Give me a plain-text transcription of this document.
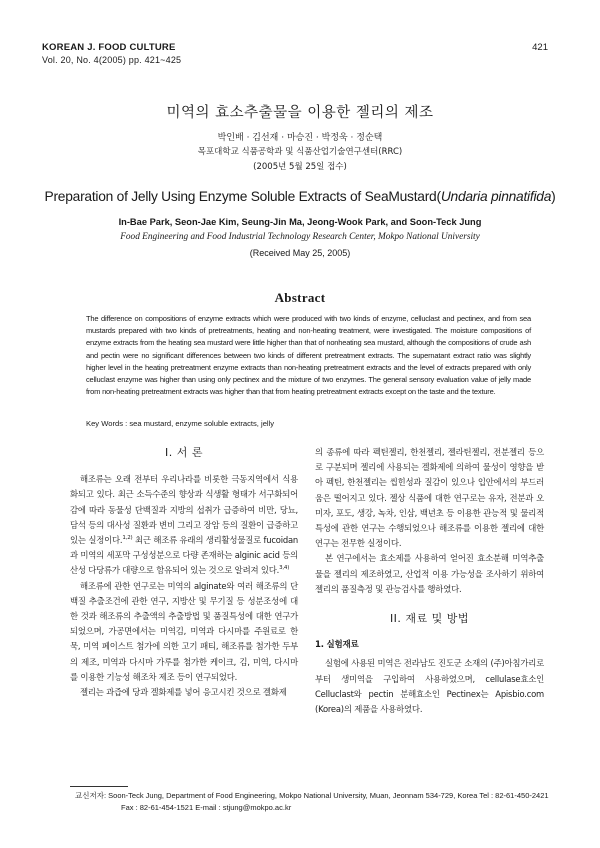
KOREAN J. FOOD CULTURE
Vol. 20, No. 4(2005) pp. 421~425
421
미역의 효소추출물을 이용한 젤리의 제조
박인배 · 김선재 · 마승진 · 박정욱 · 정순택
목포대학교 식품공학과 및 식품산업기술연구센터(RRC)
(2005년 5월 25일 접수)
Preparation of Jelly Using Enzyme Soluble Extracts of SeaMustard(Undaria pinnatifida)
In-Bae Park, Seon-Jae Kim, Seung-Jin Ma, Jeong-Wook Park, and Soon-Teck Jung
Food Engineering and Food Industrial Technology Research Center, Mokpo National University
(Received May 25, 2005)
Abstract
The difference on compositions of enzyme extracts which were produced with two kinds of enzyme, celluclast and pectinex, and from sea mustards prepared with two kinds of pretreatments, heating and non-heating treatment, were investigated. The moisture compositions of enzyme extracts from the heating sea mustard were little higher than that of nonheating sea mustard, although the compositions of crude ash and pectin were no significant differences between two kinds of different pretreatment extracts. The supernatant extract ratio was slightly higher level in the heating pretreatment enzyme extracts than non-heating pretreatment extracts and the level of extracts prepared with only celluclast enzyme was higher than using only pectinex and the mixture of two enzymes. The general sensory evaluation value of jelly made from non-heating pretreatment extracts was higher than that from heating pretreatment extracts except on the taste and the texture.
Key Words : sea mustard, enzyme soluble extracts, jelly
I. 서 론

해조류는 오래 전부터 우리나라를 비롯한 극동지역에서 식용화되고 있다. 최근 소득수준의 향상과 식생활 형태가 서구화되어 감에 따라 동물성 단백질과 지방의 섭취가 급증하여 비만, 당뇨, 담석 등의 대사성 질환과 변비 그리고 장암 등의 질환이 급증하고 있는 실정이다.$^{1,2)}$ 최근 해조류 유래의 생리활성물질로 fucoidan과 미역의 세포막 구성성분으로 다량 존재하는 alginic acid 등의 산성 다당류가 대량으로 함유되어 있는 것으로 알려져 있다.$^{3,4)}$

해조류에 관한 연구로는 미역의 alginate와 여러 해조류의 단백질 추출조건에 관한 연구, 지방산 및 무기질 등 성분조성에 대한 것과 해조류의 추출액의 추출방법 및 품질특성에 대한 연구가 되었으며, 가공면에서는 미역김, 미역과 다시마를 주원료로 한 묵, 미역 페이스트 첨가에 의한 고기 패티, 해조류를 첨가한 두부의 제조, 미역과 다시마 가루를 첨가한 케이크, 김, 미역, 다시마를 이용한 기능성 해조차 제조 등이 연구되었다.

젤리는 과즙에 당과 겔화제를 넣어 응고시킨 것으로 겔화제

의 종류에 따라 펙틴젤리, 한천젤리, 젤라틴젤리, 전분젤리 등으로 구분되며 젤리에 사용되는 겔화제에 의하여 물성이 영향을 받아 펙틴, 한천젤리는 씹힌성과 질감이 있으나 입안에서의 부드러움은 떨어지고 있다. 젤상 식품에 대한 연구로는 유자, 전분과 오미자, 포도, 생강, 녹차, 인삼, 백년초 등 이용한 관능적 및 물리적 특성에 관한 연구는 수행되었으나 해조류를 이용한 젤리에 대한 연구는 전무한 실정이다.

본 연구에서는 효소제를 사용하여 얻어진 효소분해 미역추출물을 젤리의 제조하였고, 산업적 이용 가능성을 조사하기 위하여 젤리의 품질측정 및 관능검사를 행하였다.

II. 재료 및 방법
1. 실험재료

실험에 사용된 미역은 전라남도 진도군 소재의 (주)아침가리로부터 생미역을 구입하여 사용하였으며, cellulase효소인 Celluclast와 pectin 분해효소인 Pectinex는 Apisbio.com (Korea)의 제품을 사용하였다.

교신저자: Soon-Teck Jung, Department of Food Engineering, Mokpo National University, Muan, Jeonnam 534-729, Korea Tel : 82-61-450-2421
Fax : 82-61-454-1521 E-mail : stjung@mokpo.ac.kr
